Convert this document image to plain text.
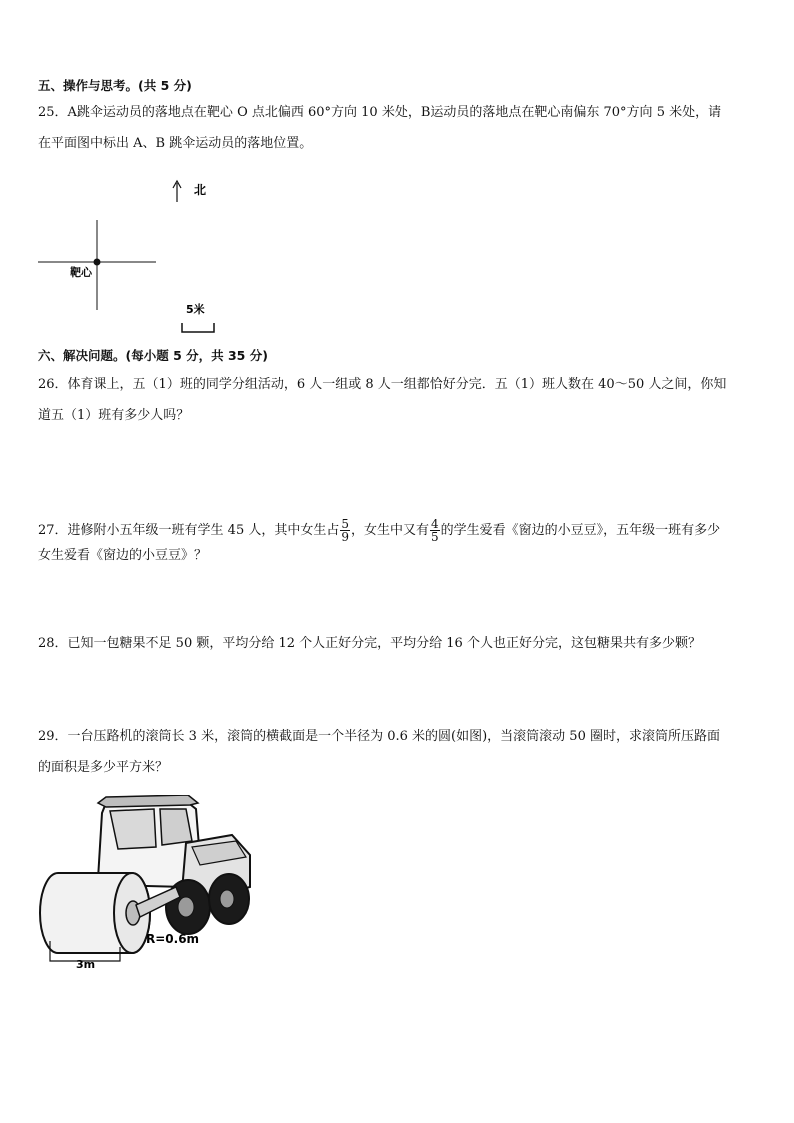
五、操作与思考。(共 5 分)
25．A跳伞运动员的落地点在靶心 O 点北偏西 60°方向 10 米处，B运动员的落地点在靶心南偏东 70°方向 5 米处，请
在平面图中标出 A、B 跳伞运动员的落地位置。
北
靶心
5米
六、解决问题。(每小题 5 分，共 35 分)
26．体育课上，五（1）班的同学分组活动，6 人一组或 8 人一组都恰好分完．五（1）班人数在 40～50 人之间，你知
道五（1）班有多少人吗？
27．进修附小五年级一班有学生 45 人，其中女生占 $\frac{5}{9}$ ，女生中又有 $\frac{4}{5}$ 的学生爱看《窗边的小豆豆》，五年级一班有多少
女生爱看《窗边的小豆豆》？
28．已知一包糖果不足 50 颗，平均分给 12 个人正好分完，平均分给 16 个人也正好分完，这包糖果共有多少颗？
29．一台压路机的滚筒长 3 米，滚筒的横截面是一个半径为 0.6 米的圆(如图)，当滚筒滚动 50 圈时，求滚筒所压路面
的面积是多少平方米？
3m
R=0.6m
